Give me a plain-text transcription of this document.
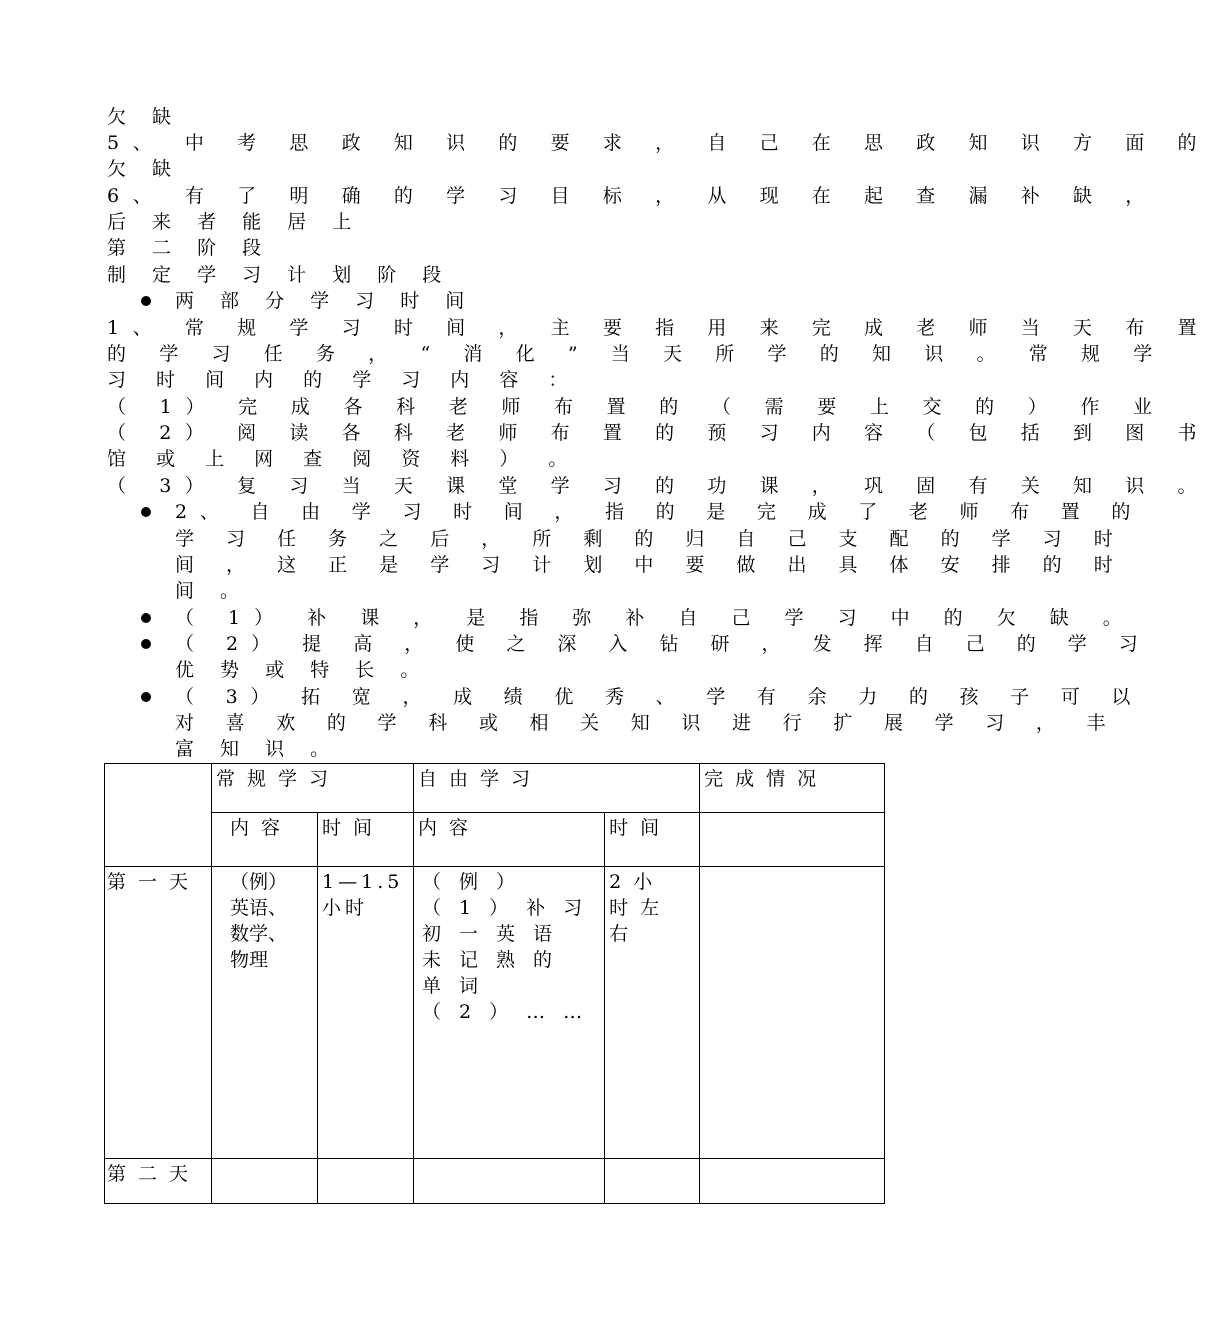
欠 缺
5、 中 考 思 政 知 识 的 要 求 ， 自 己 在 思 政 知 识 方 面 的
欠 缺
6、 有 了 明 确 的 学 习 目 标 ， 从 现 在 起 查 漏 补 缺 ，
后 来 者 能 居 上
第 二 阶 段
制 定 学 习 计 划 阶 段
两 部 分 学 习 时 间
1、 常 规 学 习 时 间 ， 主 要 指 用 来 完 成 老 师 当 天 布 置
的 学 习 任 务 ， “ 消 化 ” 当 天 所 学 的 知 识 。 常 规 学
习 时 间 内 的 学 习 内 容 ：
（ 1） 完 成 各 科 老 师 布 置 的 （ 需 要 上 交 的 ） 作 业
（ 2） 阅 读 各 科 老 师 布 置 的 预 习 内 容 （ 包 括 到 图 书
馆 或 上 网 查 阅 资 料 ） 。
（ 3） 复 习 当 天 课 堂 学 习 的 功 课 ， 巩 固 有 关 知 识 。
2、 自 由 学 习 时 间 ， 指 的 是 完 成 了 老 师 布 置 的
学 习 任 务 之 后 ， 所 剩 的 归 自 己 支 配 的 学 习 时
间 ， 这 正 是 学 习 计 划 中 要 做 出 具 体 安 排 的 时
间 。
（ 1） 补 课 ， 是 指 弥 补 自 己 学 习 中 的 欠 缺 。
（ 2） 提 高 ， 使 之 深 入 钻 研 ， 发 挥 自 己 的 学 习
优 势 或 特 长 。
（ 3） 拓 宽 ， 成 绩 优 秀 、 学 有 余 力 的 孩 子 可 以
对 喜 欢 的 学 科 或 相 关 知 识 进 行 扩 展 学 习 ， 丰
富 知 识 。
	常规学习		自由学习		完成情况
	内容	时间	内容	时间	
第一天	（例）英语、数学、物理	1—1.5小时	（例）（1）补习初一英语未记熟的单词（2）……	2小时左右	
第二天					
